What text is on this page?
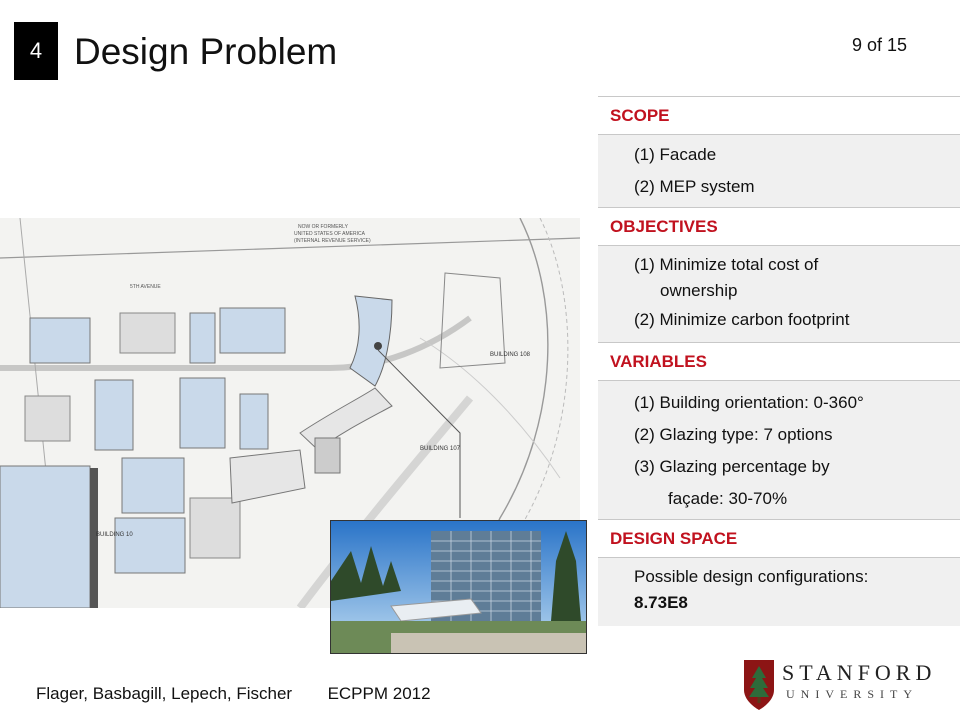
4 Design Problem	9 of 15
NOW OR FORMERLY
UNITED STATES OF AMERICA
(INTERNAL REVENUE SERVICE)
5TH AVENUE
BUILDING 108
BUILDING 107
BUILDING 10
SCOPE
(1) Facade
(2) MEP system
OBJECTIVES
(1) Minimize total cost of
ownership
(2) Minimize carbon footprint
VARIABLES
(1) Building orientation: 0-360°
(2) Glazing type: 7 options
(3) Glazing percentage by
façade: 30-70%
DESIGN SPACE
Possible design configurations:
8.73E8
Flager, Basbagill, Lepech, Fischer ECPPM 2012
STANFORD
UNIVERSITY
